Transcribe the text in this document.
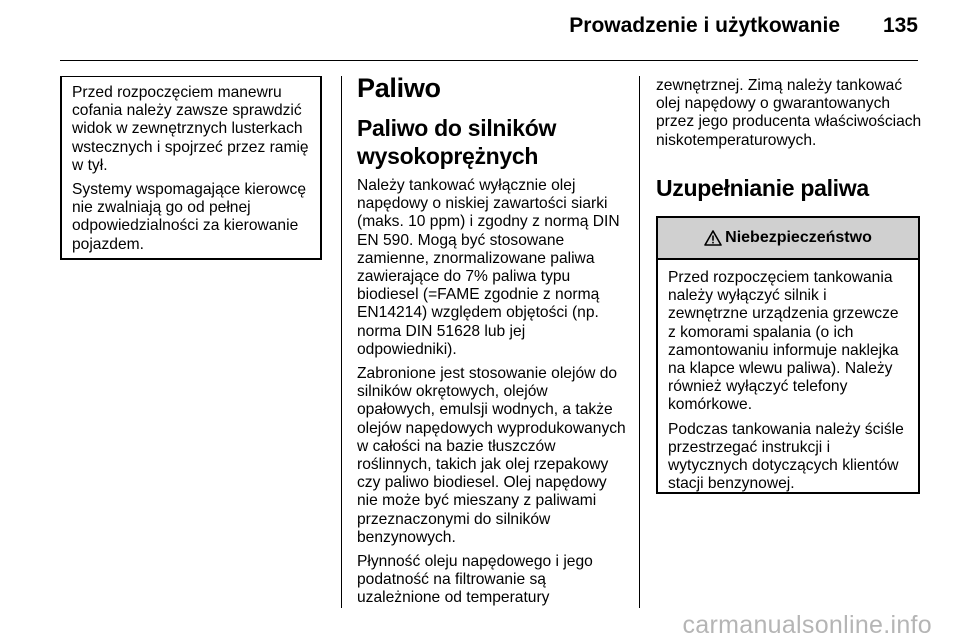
Prowadzenie i użytkowanie 135

Przed rozpoczęciem manewru cofania należy zawsze sprawdzić widok w zewnętrznych lusterkach wstecznych i spojrzeć przez ramię w tył.

Systemy wspomagające kierowcę nie zwalniają go od pełnej odpowiedzialności za kierowanie pojazdem.

Paliwo
Paliwo do silników wysokoprężnych

Należy tankować wyłącznie olej napędowy o niskiej zawartości siarki (maks. 10 ppm) i zgodny z normą DIN EN 590. Mogą być stosowane zamienne, znormalizowane paliwa zawierające do 7% paliwa typu biodiesel (=FAME zgodnie z normą EN14214) względem objętości (np. norma DIN 51628 lub jej odpowiedniki).

Zabronione jest stosowanie olejów do silników okrętowych, olejów opałowych, emulsji wodnych, a także olejów napędowych wyprodukowanych w całości na bazie tłuszczów roślinnych, takich jak olej rzepakowy czy paliwo biodiesel. Olej napędowy nie może być mieszany z paliwami przeznaczonymi do silników benzynowych.

Płynność oleju napędowego i jego podatność na filtrowanie są uzależnione od temperatury

zewnętrznej. Zimą należy tankować olej napędowy o gwarantowanych przez jego producenta właściwościach niskotemperaturowych.

Uzupełnianie paliwa
Niebezpieczeństwo

Przed rozpoczęciem tankowania należy wyłączyć silnik i zewnętrzne urządzenia grzewcze z komorami spalania (o ich zamontowaniu informuje naklejka na klapce wlewu paliwa). Należy również wyłączyć telefony komórkowe.

Podczas tankowania należy ściśle przestrzegać instrukcji i wytycznych dotyczących klientów stacji benzynowej.

carmanualsonline.info
